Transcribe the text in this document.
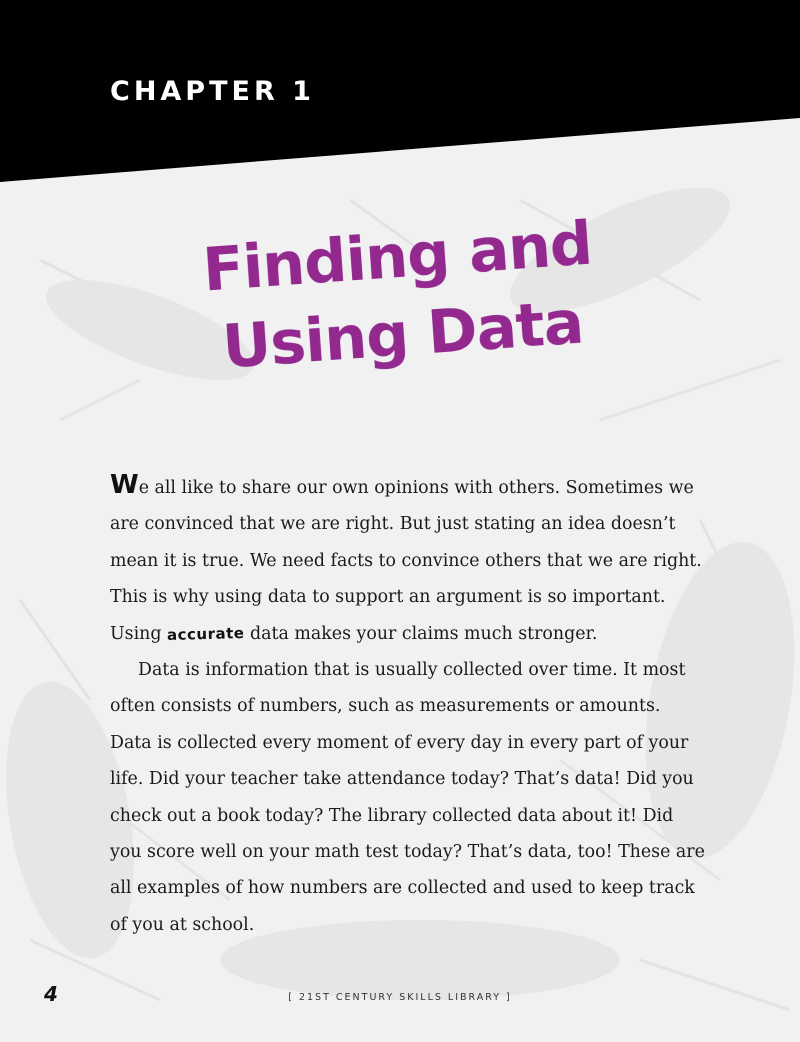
CHAPTER 1
Finding and
Using Data

We all like to share our own opinions with others. Sometimes we are convinced that we are right. But just stating an idea doesn’t mean it is true. We need facts to convince others that we are right. This is why using data to support an argument is so important. Using accurate data makes your claims much stronger.

Data is information that is usually collected over time. It most often consists of numbers, such as measurements or amounts. Data is collected every moment of every day in every part of your life. Did your teacher take attendance today? That’s data! Did you check out a book today? The library collected data about it! Did you score well on your math test today? That’s data, too! These are all examples of how numbers are collected and used to keep track of you at school.

4	[ 21ST CENTURY SKILLS LIBRARY ]
